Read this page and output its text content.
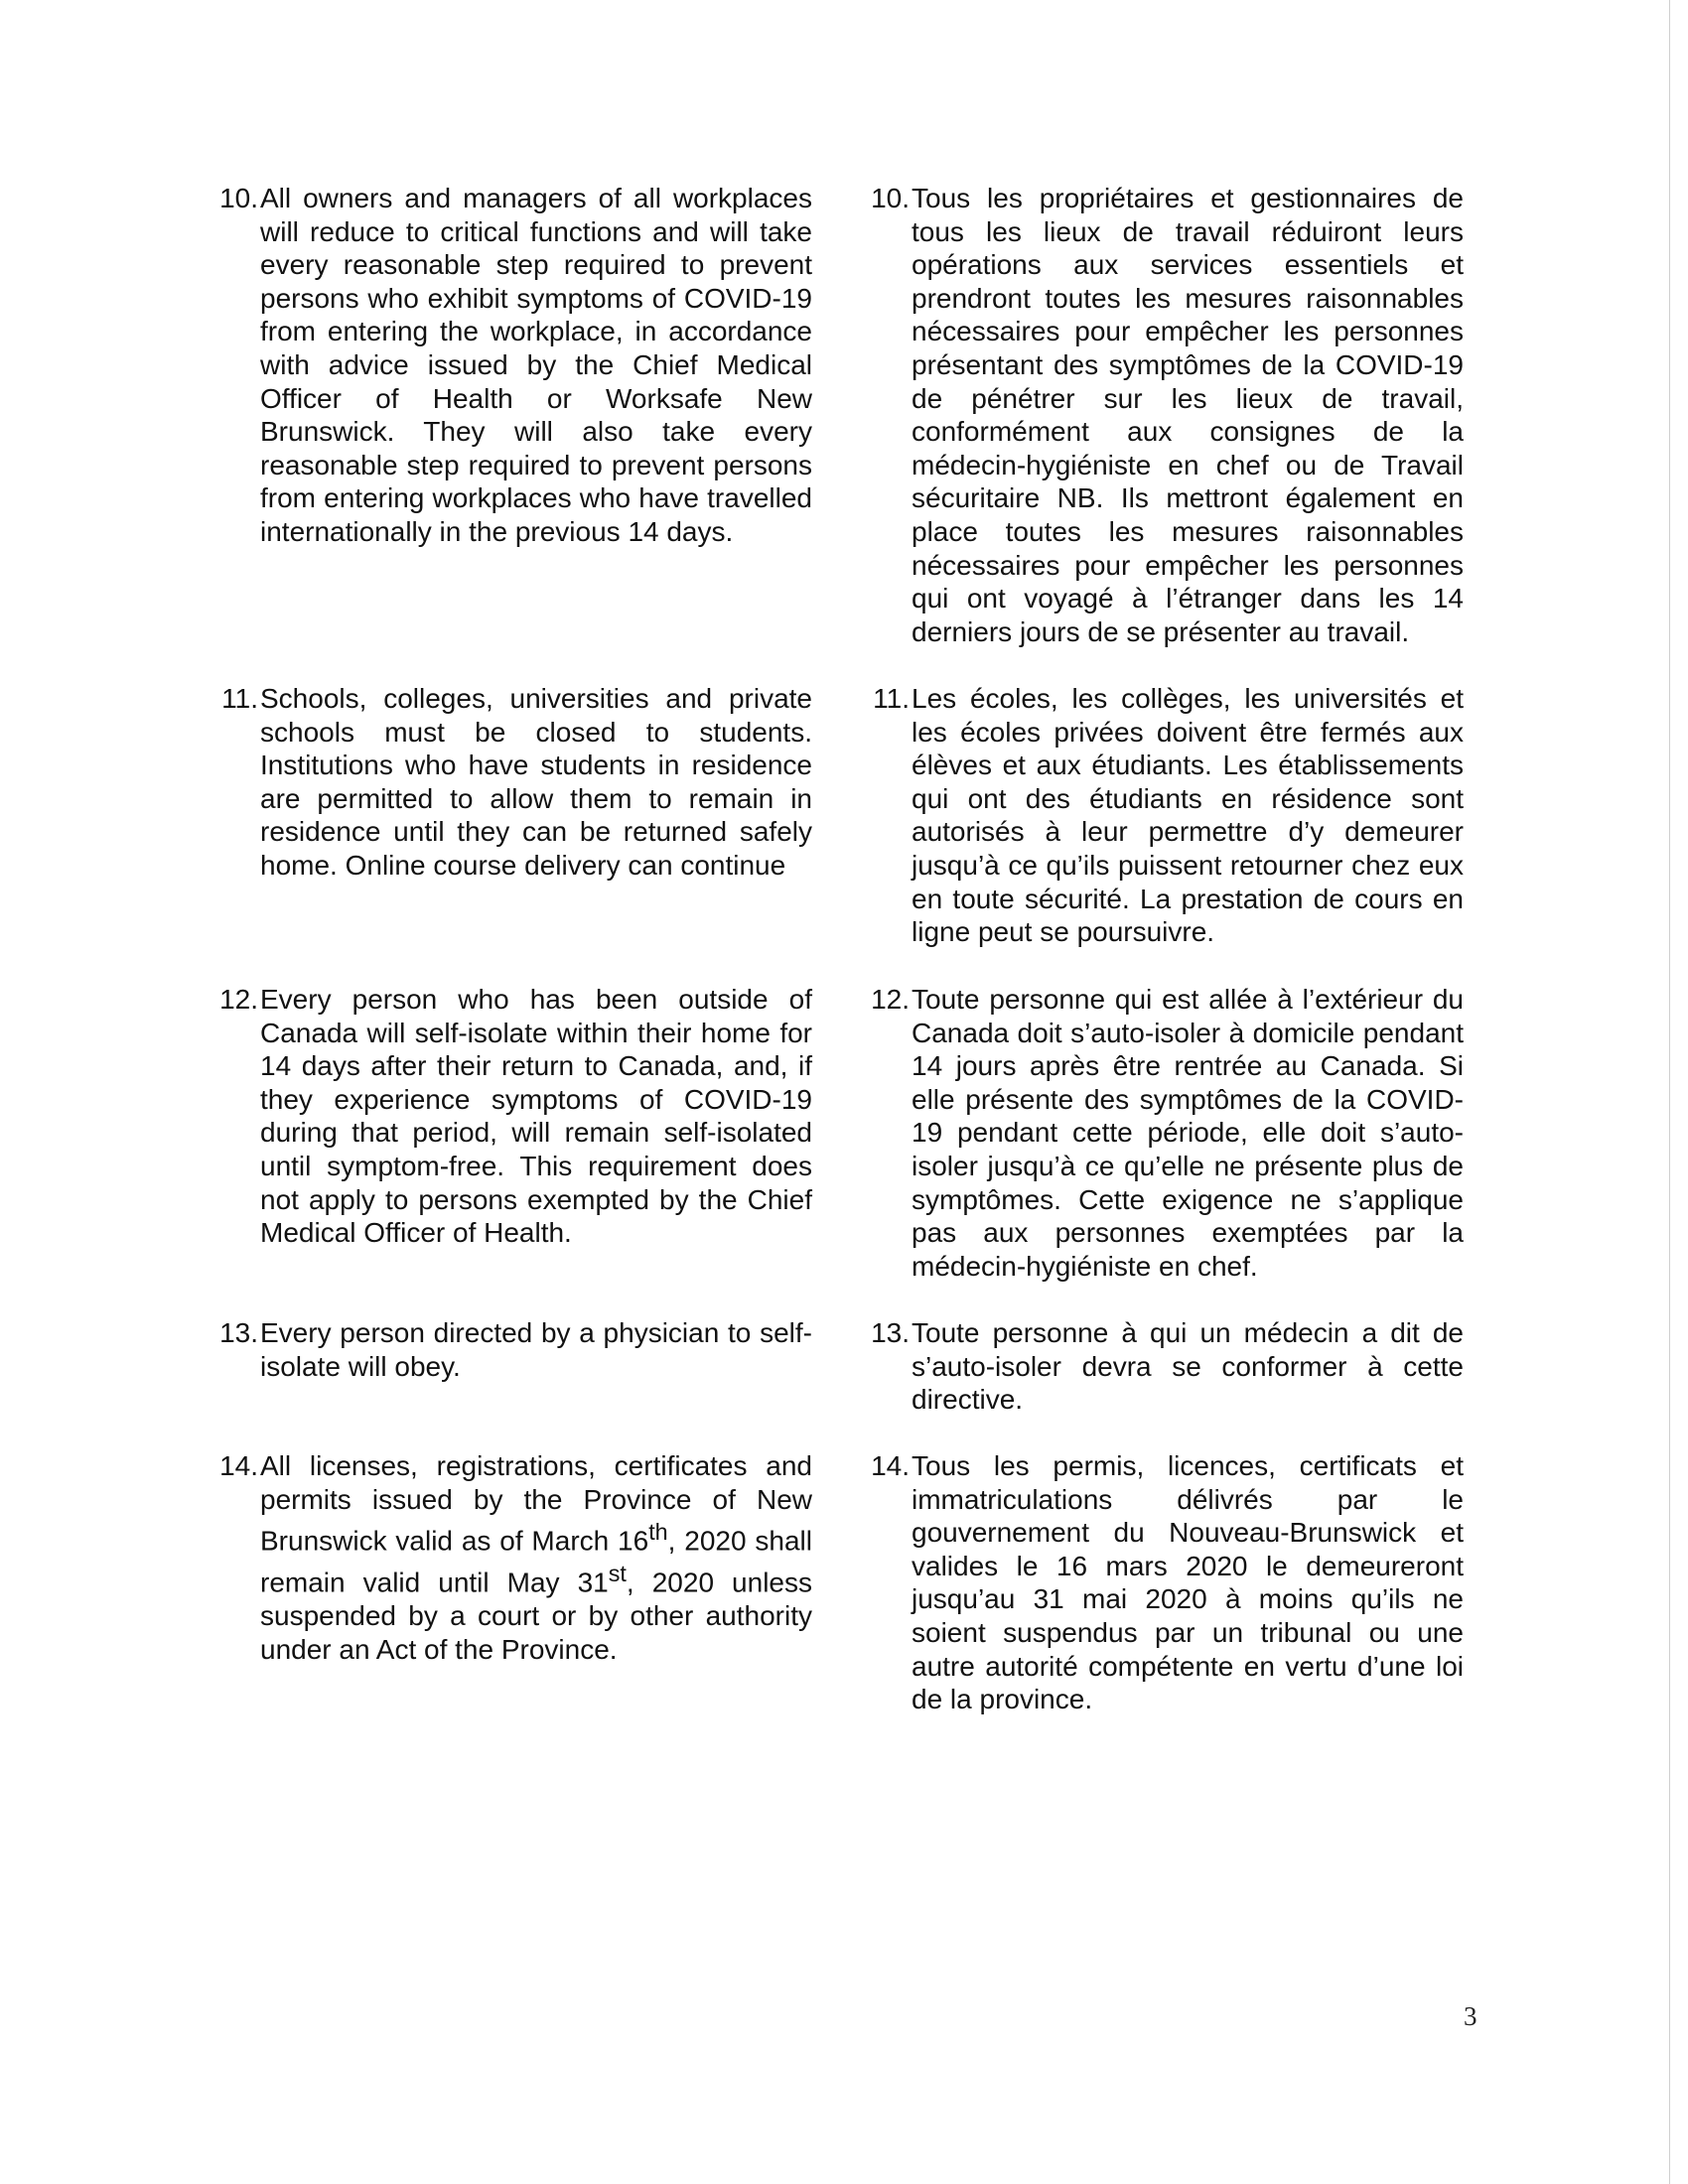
10. All owners and managers of all workplaces will reduce to critical functions and will take every reasonable step required to prevent persons who exhibit symptoms of COVID-19 from entering the workplace, in accordance with advice issued by the Chief Medical Officer of Health or Worksafe New Brunswick. They will also take every reasonable step required to prevent persons from entering workplaces who have travelled internationally in the previous 14 days.
11. Schools, colleges, universities and private schools must be closed to students. Institutions who have students in residence are permitted to allow them to remain in residence until they can be returned safely home. Online course delivery can continue
12. Every person who has been outside of Canada will self-isolate within their home for 14 days after their return to Canada, and, if they experience symptoms of COVID-19 during that period, will remain self-isolated until symptom-free. This requirement does not apply to persons exempted by the Chief Medical Officer of Health.
13. Every person directed by a physician to self-isolate will obey.
14. All licenses, registrations, certificates and permits issued by the Province of New Brunswick valid as of March 16th, 2020 shall remain valid until May 31st, 2020 unless suspended by a court or by other authority under an Act of the Province.
10. Tous les propriétaires et gestionnaires de tous les lieux de travail réduiront leurs opérations aux services essentiels et prendront toutes les mesures raisonnables nécessaires pour empêcher les personnes présentant des symptômes de la COVID-19 de pénétrer sur les lieux de travail, conformément aux consignes de la médecin-hygiéniste en chef ou de Travail sécuritaire NB. Ils mettront également en place toutes les mesures raisonnables nécessaires pour empêcher les personnes qui ont voyagé à l’étranger dans les 14 derniers jours de se présenter au travail.
11. Les écoles, les collèges, les universités et les écoles privées doivent être fermés aux élèves et aux étudiants. Les établissements qui ont des étudiants en résidence sont autorisés à leur permettre d’y demeurer jusqu’à ce qu’ils puissent retourner chez eux en toute sécurité. La prestation de cours en ligne peut se poursuivre.
12. Toute personne qui est allée à l’extérieur du Canada doit s’auto-isoler à domicile pendant 14 jours après être rentrée au Canada. Si elle présente des symptômes de la COVID-19 pendant cette période, elle doit s’auto-isoler jusqu’à ce qu’elle ne présente plus de symptômes. Cette exigence ne s’applique pas aux personnes exemptées par la médecin-hygiéniste en chef.
13. Toute personne à qui un médecin a dit de s’auto-isoler devra se conformer à cette directive.
14. Tous les permis, licences, certificats et immatriculations délivrés par le gouvernement du Nouveau-Brunswick et valides le 16 mars 2020 le demeureront jusqu’au 31 mai 2020 à moins qu’ils ne soient suspendus par un tribunal ou une autre autorité compétente en vertu d’une loi de la province.
3
